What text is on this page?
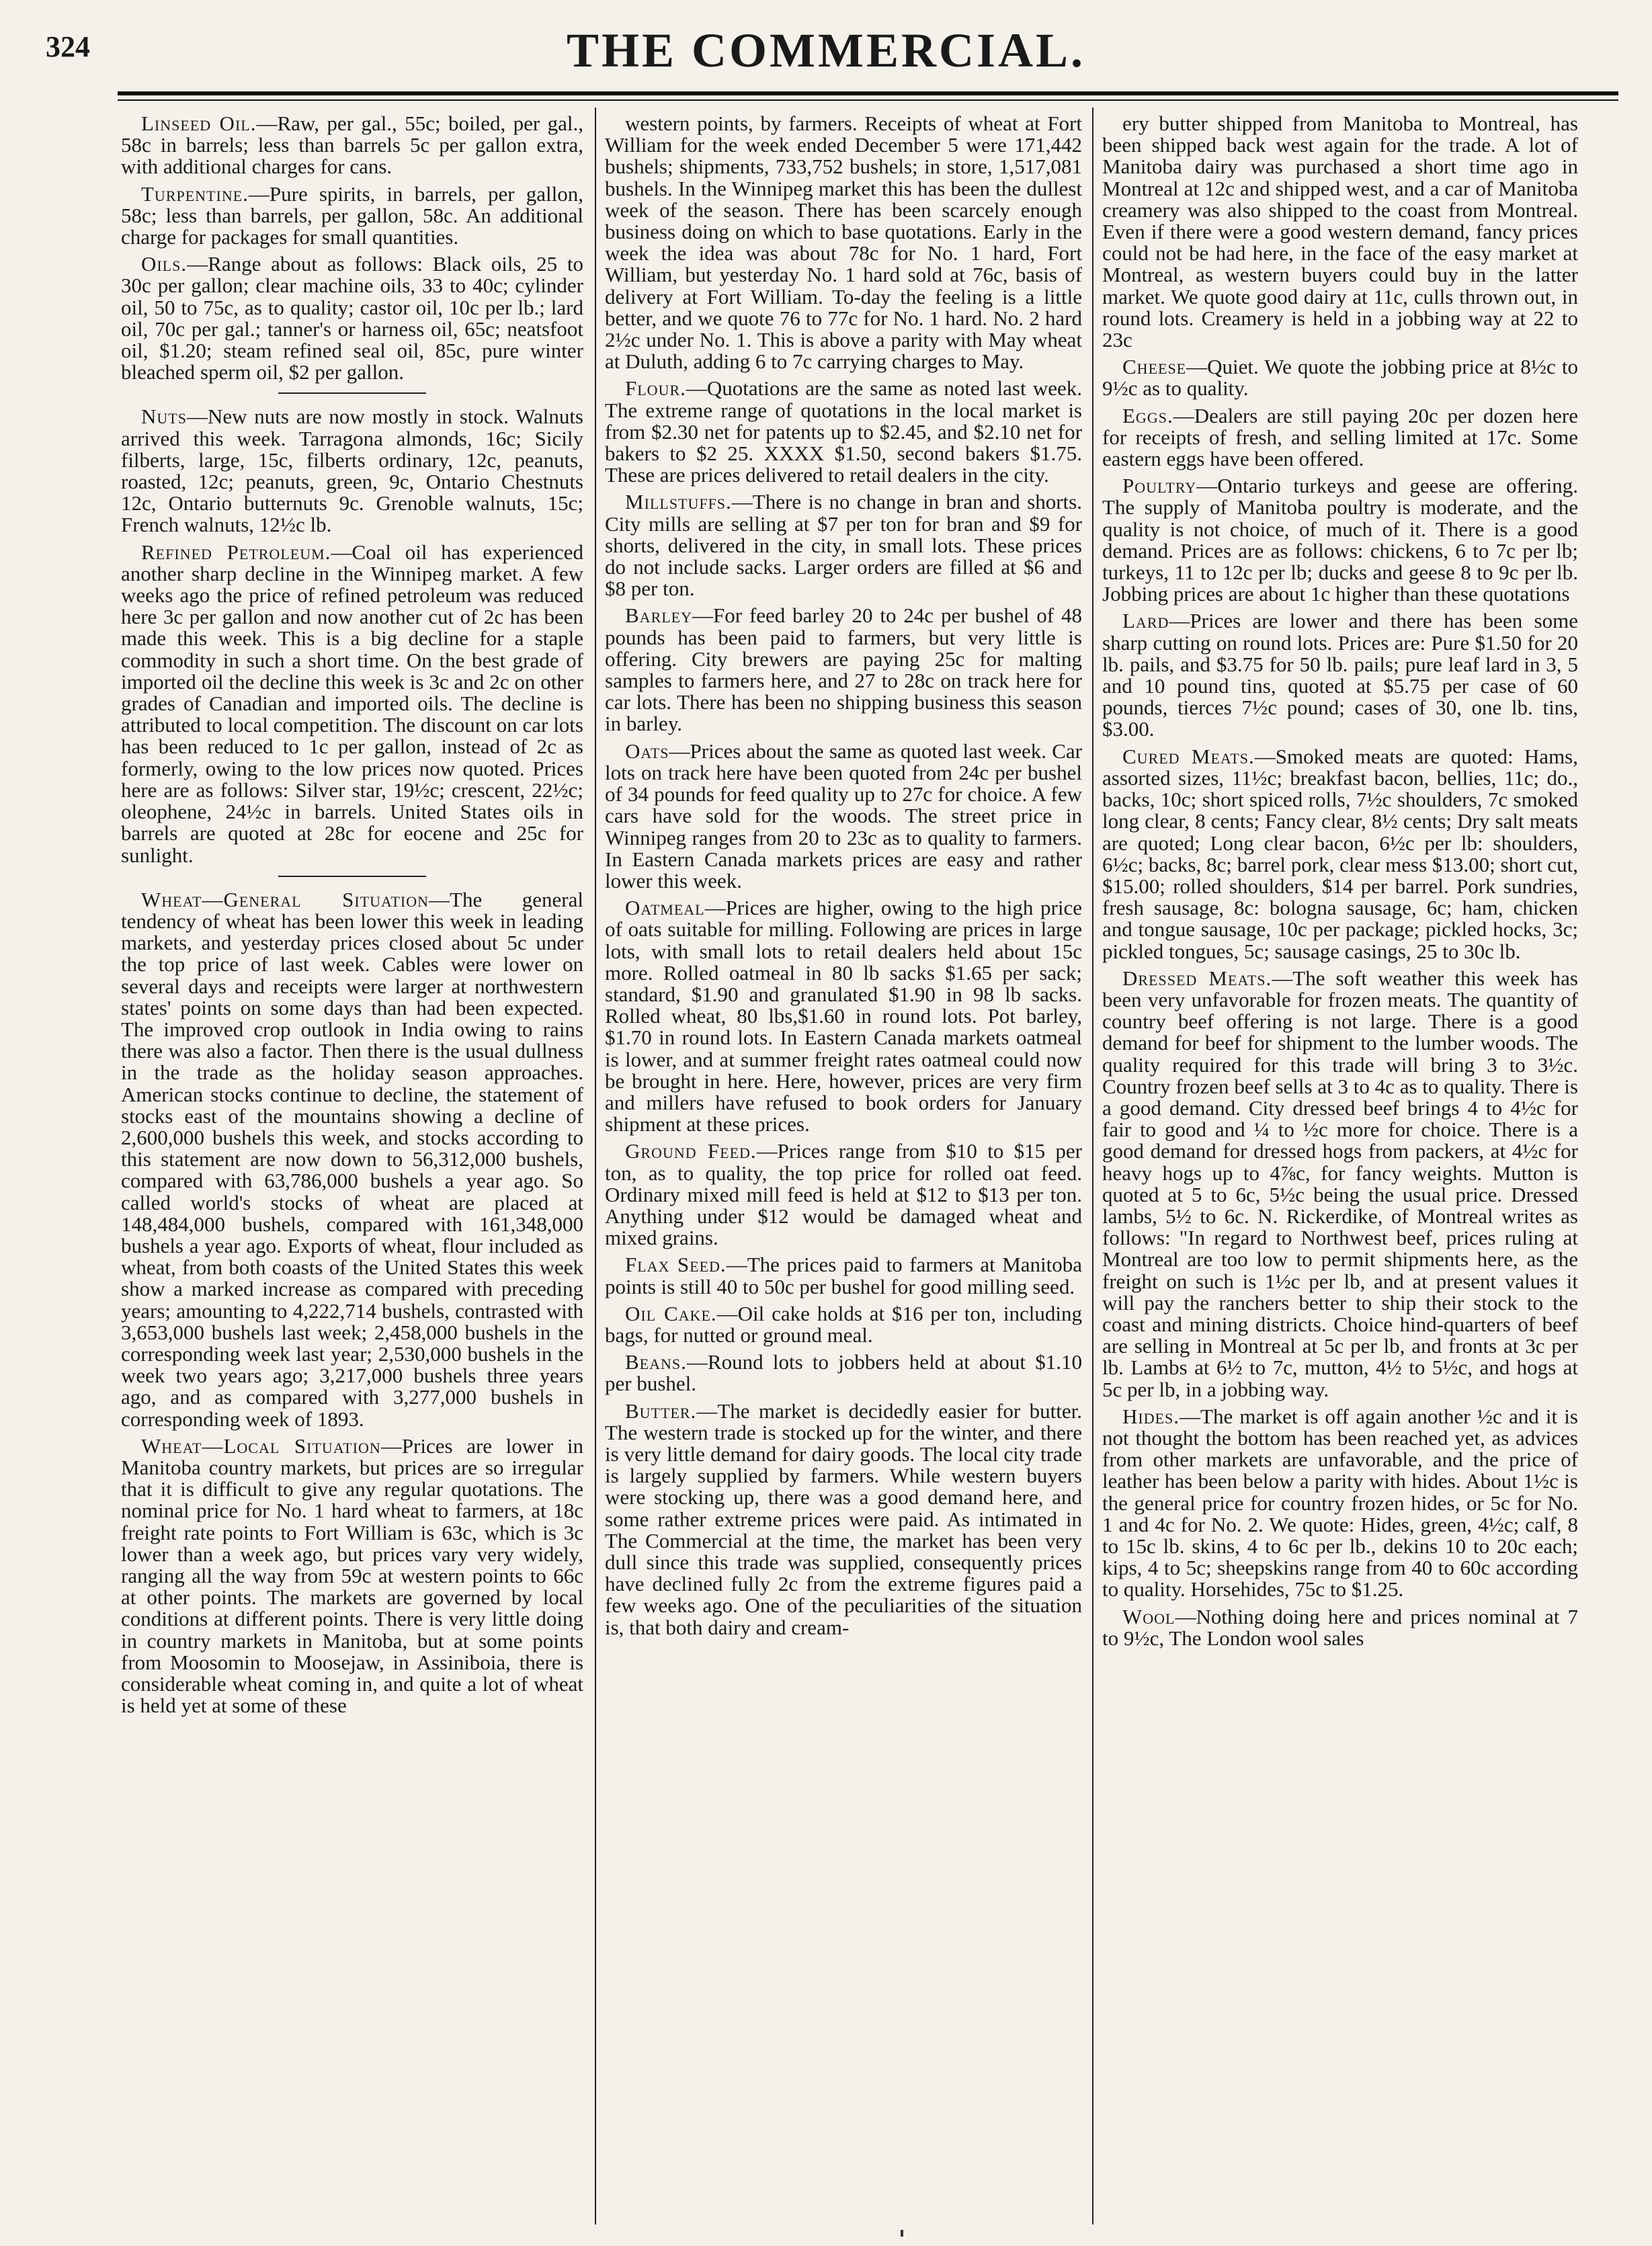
324	THE COMMERCIAL.

Linseed Oil.—Raw, per gal., 55c; boiled, per gal., 58c in barrels; less than barrels 5c per gallon extra, with additional charges for cans.

Turpentine.—Pure spirits, in barrels, per gallon, 58c; less than barrels, per gallon, 58c. An additional charge for packages for small quantities.

Oils.—Range about as follows: Black oils, 25 to 30c per gallon; clear machine oils, 33 to 40c; cylinder oil, 50 to 75c, as to quality; castor oil, 10c per lb.; lard oil, 70c per gal.; tanner's or harness oil, 65c; neatsfoot oil, $1.20; steam refined seal oil, 85c, pure winter bleached sperm oil, $2 per gallon.

Nuts—New nuts are now mostly in stock. Walnuts arrived this week. Tarragona almonds, 16c; Sicily filberts, large, 15c, filberts ordinary, 12c, peanuts, roasted, 12c; peanuts, green, 9c, Ontario Chestnuts 12c, Ontario butternuts 9c. Grenoble walnuts, 15c; French walnuts, 12½c lb.

Refined Petroleum.—Coal oil has experienced another sharp decline in the Winnipeg market. A few weeks ago the price of refined petroleum was reduced here 3c per gallon and now another cut of 2c has been made this week. This is a big decline for a staple commodity in such a short time. On the best grade of imported oil the decline this week is 3c and 2c on other grades of Canadian and imported oils. The decline is attributed to local competition. The discount on car lots has been reduced to 1c per gallon, instead of 2c as formerly, owing to the low prices now quoted. Prices here are as follows: Silver star, 19½c; crescent, 22½c; oleophene, 24½c in barrels. United States oils in barrels are quoted at 28c for eocene and 25c for sunlight.

Wheat—General Situation—The general tendency of wheat has been lower this week in leading markets, and yesterday prices closed about 5c under the top price of last week. Cables were lower on several days and receipts were larger at northwestern states' points on some days than had been expected. The improved crop outlook in India owing to rains there was also a factor. Then there is the usual dullness in the trade as the holiday season approaches. American stocks continue to decline, the statement of stocks east of the mountains showing a decline of 2,600,000 bushels this week, and stocks according to this statement are now down to 56,312,000 bushels, compared with 63,786,000 bushels a year ago. So called world's stocks of wheat are placed at 148,484,000 bushels, compared with 161,348,000 bushels a year ago. Exports of wheat, flour included as wheat, from both coasts of the United States this week show a marked increase as compared with preceding years; amounting to 4,222,714 bushels, contrasted with 3,653,000 bushels last week; 2,458,000 bushels in the corresponding week last year; 2,530,000 bushels in the week two years ago; 3,217,000 bushels three years ago, and as compared with 3,277,000 bushels in corresponding week of 1893.

Wheat—Local Situation—Prices are lower in Manitoba country markets, but prices are so irregular that it is difficult to give any regular quotations. The nominal price for No. 1 hard wheat to farmers, at 18c freight rate points to Fort William is 63c, which is 3c lower than a week ago, but prices vary very widely, ranging all the way from 59c at western points to 66c at other points. The markets are governed by local conditions at different points. There is very little doing in country markets in Manitoba, but at some points from Moosomin to Moosejaw, in Assiniboia, there is considerable wheat coming in, and quite a lot of wheat is held yet at some of these

western points, by farmers. Receipts of wheat at Fort William for the week ended December 5 were 171,442 bushels; shipments, 733,752 bushels; in store, 1,517,081 bushels. In the Winnipeg market this has been the dullest week of the season. There has been scarcely enough business doing on which to base quotations. Early in the week the idea was about 78c for No. 1 hard, Fort William, but yesterday No. 1 hard sold at 76c, basis of delivery at Fort William. To-day the feeling is a little better, and we quote 76 to 77c for No. 1 hard. No. 2 hard 2½c under No. 1. This is above a parity with May wheat at Duluth, adding 6 to 7c carrying charges to May.

Flour.—Quotations are the same as noted last week. The extreme range of quotations in the local market is from $2.30 net for patents up to $2.45, and $2.10 net for bakers to $2 25. XXXX $1.50, second bakers $1.75. These are prices delivered to retail dealers in the city.

Millstuffs.—There is no change in bran and shorts. City mills are selling at $7 per ton for bran and $9 for shorts, delivered in the city, in small lots. These prices do not include sacks. Larger orders are filled at $6 and $8 per ton.

Barley—For feed barley 20 to 24c per bushel of 48 pounds has been paid to farmers, but very little is offering. City brewers are paying 25c for malting samples to farmers here, and 27 to 28c on track here for car lots. There has been no shipping business this season in barley.

Oats—Prices about the same as quoted last week. Car lots on track here have been quoted from 24c per bushel of 34 pounds for feed quality up to 27c for choice. A few cars have sold for the woods. The street price in Winnipeg ranges from 20 to 23c as to quality to farmers. In Eastern Canada markets prices are easy and rather lower this week.

Oatmeal—Prices are higher, owing to the high price of oats suitable for milling. Following are prices in large lots, with small lots to retail dealers held about 15c more. Rolled oatmeal in 80 lb sacks $1.65 per sack; standard, $1.90 and granulated $1.90 in 98 lb sacks. Rolled wheat, 80 lbs,$1.60 in round lots. Pot barley, $1.70 in round lots. In Eastern Canada markets oatmeal is lower, and at summer freight rates oatmeal could now be brought in here. Here, however, prices are very firm and millers have refused to book orders for January shipment at these prices.

Ground Feed.—Prices range from $10 to $15 per ton, as to quality, the top price for rolled oat feed. Ordinary mixed mill feed is held at $12 to $13 per ton. Anything under $12 would be damaged wheat and mixed grains.

Flax Seed.—The prices paid to farmers at Manitoba points is still 40 to 50c per bushel for good milling seed.

Oil Cake.—Oil cake holds at $16 per ton, including bags, for nutted or ground meal.

Beans.—Round lots to jobbers held at about $1.10 per bushel.

Butter.—The market is decidedly easier for butter. The western trade is stocked up for the winter, and there is very little demand for dairy goods. The local city trade is largely supplied by farmers. While western buyers were stocking up, there was a good demand here, and some rather extreme prices were paid. As intimated in The Commercial at the time, the market has been very dull since this trade was supplied, consequently prices have declined fully 2c from the extreme figures paid a few weeks ago. One of the peculiarities of the situation is, that both dairy and cream-

ery butter shipped from Manitoba to Montreal, has been shipped back west again for the trade. A lot of Manitoba dairy was purchased a short time ago in Montreal at 12c and shipped west, and a car of Manitoba creamery was also shipped to the coast from Montreal. Even if there were a good western demand, fancy prices could not be had here, in the face of the easy market at Montreal, as western buyers could buy in the latter market. We quote good dairy at 11c, culls thrown out, in round lots. Creamery is held in a jobbing way at 22 to 23c

Cheese—Quiet. We quote the jobbing price at 8½c to 9½c as to quality.

Eggs.—Dealers are still paying 20c per dozen here for receipts of fresh, and selling limited at 17c. Some eastern eggs have been offered.

Poultry—Ontario turkeys and geese are offering. The supply of Manitoba poultry is moderate, and the quality is not choice, of much of it. There is a good demand. Prices are as follows: chickens, 6 to 7c per lb; turkeys, 11 to 12c per lb; ducks and geese 8 to 9c per lb. Jobbing prices are about 1c higher than these quotations

Lard—Prices are lower and there has been some sharp cutting on round lots. Prices are: Pure $1.50 for 20 lb. pails, and $3.75 for 50 lb. pails; pure leaf lard in 3, 5 and 10 pound tins, quoted at $5.75 per case of 60 pounds, tierces 7½c pound; cases of 30, one lb. tins, $3.00.

Cured Meats.—Smoked meats are quoted: Hams, assorted sizes, 11½c; breakfast bacon, bellies, 11c; do., backs, 10c; short spiced rolls, 7½c shoulders, 7c smoked long clear, 8 cents; Fancy clear, 8½ cents; Dry salt meats are quoted; Long clear bacon, 6½c per lb: shoulders, 6½c; backs, 8c; barrel pork, clear mess $13.00; short cut, $15.00; rolled shoulders, $14 per barrel. Pork sundries, fresh sausage, 8c: bologna sausage, 6c; ham, chicken and tongue sausage, 10c per package; pickled hocks, 3c; pickled tongues, 5c; sausage casings, 25 to 30c lb.

Dressed Meats.—The soft weather this week has been very unfavorable for frozen meats. The quantity of country beef offering is not large. There is a good demand for beef for shipment to the lumber woods. The quality required for this trade will bring 3 to 3½c. Country frozen beef sells at 3 to 4c as to quality. There is a good demand. City dressed beef brings 4 to 4½c for fair to good and ¼ to ½c more for choice. There is a good demand for dressed hogs from packers, at 4½c for heavy hogs up to 4⅞c, for fancy weights. Mutton is quoted at 5 to 6c, 5½c being the usual price. Dressed lambs, 5½ to 6c. N. Rickerdike, of Montreal writes as follows: "In regard to Northwest beef, prices ruling at Montreal are too low to permit shipments here, as the freight on such is 1½c per lb, and at present values it will pay the ranchers better to ship their stock to the coast and mining districts. Choice hind-quarters of beef are selling in Montreal at 5c per lb, and fronts at 3c per lb. Lambs at 6½ to 7c, mutton, 4½ to 5½c, and hogs at 5c per lb, in a jobbing way.

Hides.—The market is off again another ½c and it is not thought the bottom has been reached yet, as advices from other markets are unfavorable, and the price of leather has been below a parity with hides. About 1½c is the general price for country frozen hides, or 5c for No. 1 and 4c for No. 2. We quote: Hides, green, 4½c; calf, 8 to 15c lb. skins, 4 to 6c per lb., dekins 10 to 20c each; kips, 4 to 5c; sheepskins range from 40 to 60c according to quality. Horsehides, 75c to $1.25.

Wool—Nothing doing here and prices nominal at 7 to 9½c, The London wool sales
